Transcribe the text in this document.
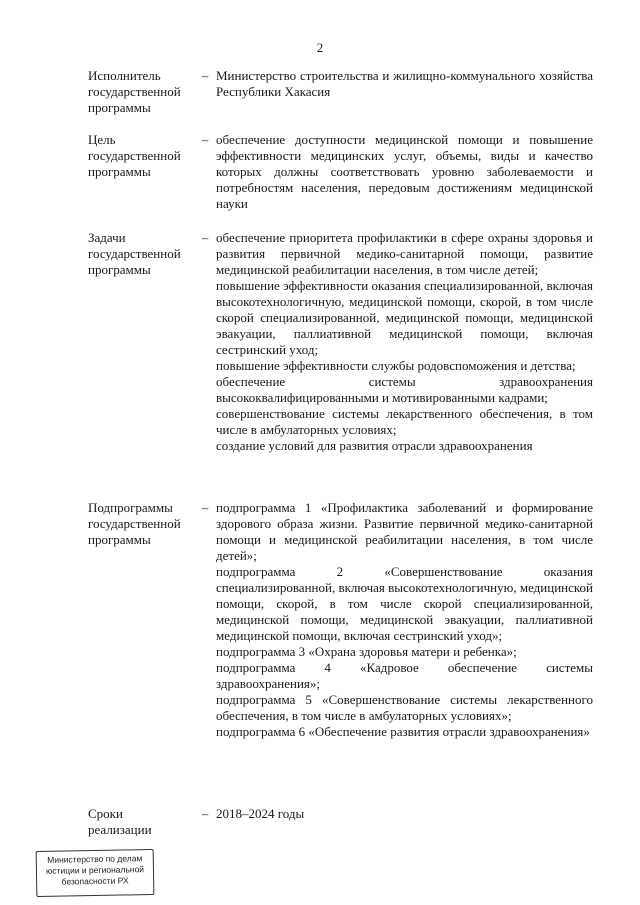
2
Исполнитель
государственной
программы
– Министерство строительства и жилищно-коммунального хозяйства Республики Хакасия

Цель
государственной
программы
– обеспечение доступности медицинской помощи и повышение эффективности медицинских услуг, объемы, виды и качество которых должны соответствовать уровню заболеваемости и потребностям населения, передовым достижениям медицинской науки

Задачи
государственной
программы
– обеспечение приоритета профилактики в сфере охраны здоровья и развития первичной медико-санитарной помощи, развитие медицинской реабилитации населения, в том числе детей;

повышение эффективности оказания специализированной, включая высокотехнологичную, медицинской помощи, скорой, в том числе скорой специализированной, медицинской помощи, медицинской эвакуации, паллиативной медицинской помощи, включая сестринский уход;

повышение эффективности службы родовспоможения и детства;

обеспечение системы здравоохранения высококвалифицированными и мотивированными кадрами;

совершенствование системы лекарственного обеспечения, в том числе в амбулаторных условиях;

создание условий для развития отрасли здравоохранения

Подпрограммы
государственной
программы
– подпрограмма 1 «Профилактика заболеваний и формирование здорового образа жизни. Развитие первичной медико-санитарной помощи и медицинской реабилитации населения, в том числе детей»;

подпрограмма 2 «Совершенствование оказания специализированной, включая высокотехнологичную, медицинской помощи, скорой, в том числе скорой специализированной, медицинской помощи, медицинской эвакуации, паллиативной медицинской помощи, включая сестринский уход»;

подпрограмма 3 «Охрана здоровья матери и ребенка»;

подпрограмма 4 «Кадровое обеспечение системы здравоохранения»;

подпрограмма 5 «Совершенствование системы лекарственного обеспечения, в том числе в амбулаторных условиях»;

подпрограмма 6 «Обеспечение развития отрасли здравоохранения»

Сроки
реализации
– 2018–2024 годы

Министерство по делам
юстиции и региональной
безопасности РХ
